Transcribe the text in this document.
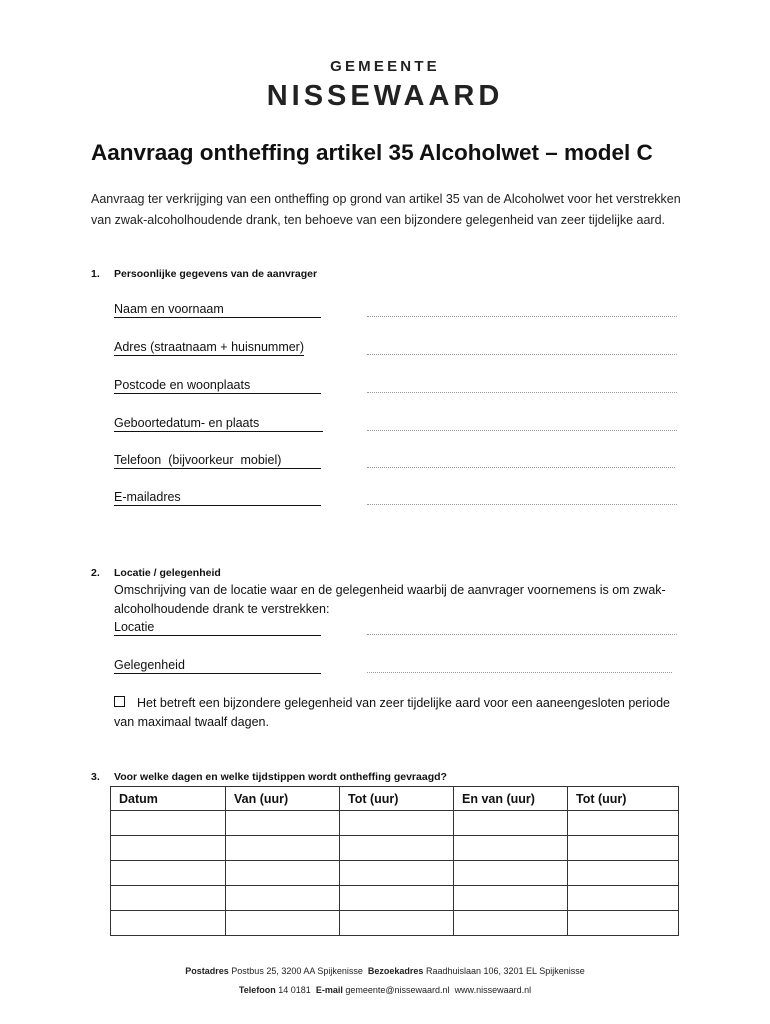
GEMEENTE
NISSEWAARD
Aanvraag ontheffing artikel 35 Alcoholwet – model C
Aanvraag ter verkrijging van een ontheffing op grond van artikel 35 van de Alcoholwet voor het verstrekken van zwak-alcoholhoudende drank, ten behoeve van een bijzondere gelegenheid van zeer tijdelijke aard.
1. Persoonlijke gegevens van de aanvrager
Naam en voornaam
Adres (straatnaam + huisnummer)
Postcode en woonplaats
Geboortedatum- en plaats
Telefoon  (bijvoorkeur  mobiel)
E-mailadres
2. Locatie / gelegenheid
Omschrijving van de locatie waar en de gelegenheid waarbij de aanvrager voornemens is om zwak-alcoholhoudende drank te verstrekken:
Locatie
Gelegenheid
Het betreft een bijzondere gelegenheid van zeer tijdelijke aard voor een aaneengesloten periode van maximaal twaalf dagen.
3. Voor welke dagen en welke tijdstippen wordt ontheffing gevraagd?
Datum	Van (uur)	Tot (uur)	En van (uur)	Tot (uur)

Postadres Postbus 25, 3200 AA Spijkenisse Bezoekadres Raadhuislaan 106, 3201 EL Spijkenisse
Telefoon 14 0181 E-mail gemeente@nissewaard.nl www.nissewaard.nl
